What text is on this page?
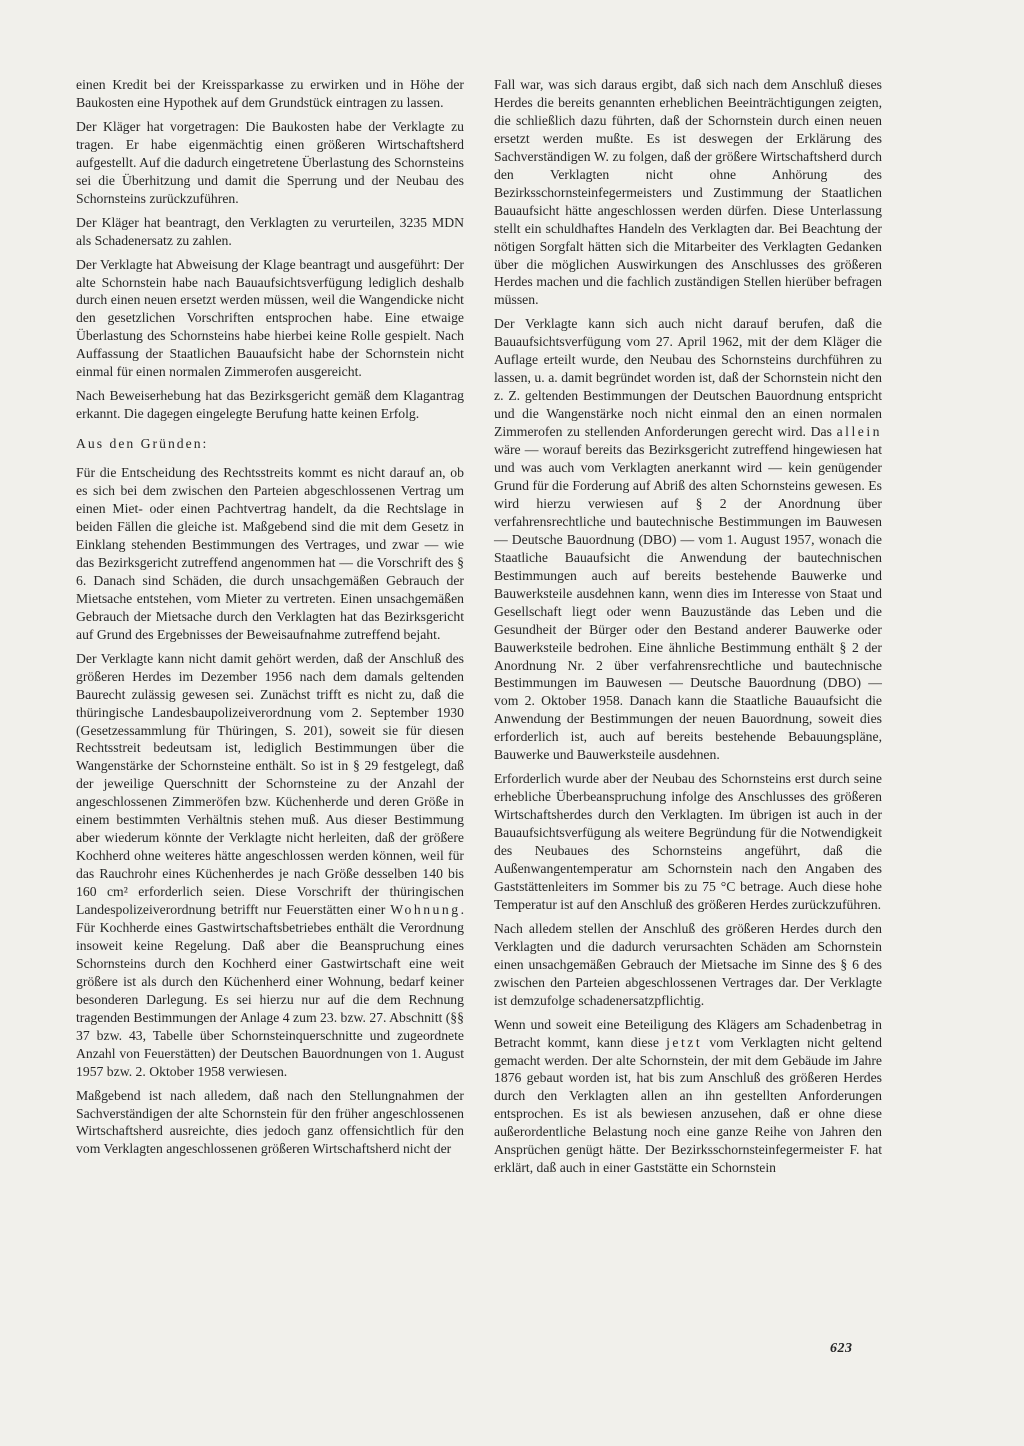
einen Kredit bei der Kreissparkasse zu erwirken und in Höhe der Baukosten eine Hypothek auf dem Grundstück eintragen zu lassen.

Der Kläger hat vorgetragen: Die Baukosten habe der Verklagte zu tragen. Er habe eigenmächtig einen größeren Wirtschaftsherd aufgestellt. Auf die dadurch eingetretene Überlastung des Schornsteins sei die Überhitzung und damit die Sperrung und der Neubau des Schornsteins zurückzuführen.

Der Kläger hat beantragt, den Verklagten zu verurteilen, 3235 MDN als Schadenersatz zu zahlen.

Der Verklagte hat Abweisung der Klage beantragt und ausgeführt: Der alte Schornstein habe nach Bauaufsichtsverfügung lediglich deshalb durch einen neuen ersetzt werden müssen, weil die Wangendicke nicht den gesetzlichen Vorschriften entsprochen habe. Eine etwaige Überlastung des Schornsteins habe hierbei keine Rolle gespielt. Nach Auffassung der Staatlichen Bauaufsicht habe der Schornstein nicht einmal für einen normalen Zimmerofen ausgereicht.

Nach Beweiserhebung hat das Bezirksgericht gemäß dem Klagantrag erkannt. Die dagegen eingelegte Berufung hatte keinen Erfolg.

Aus den Gründen:

Für die Entscheidung des Rechtsstreits kommt es nicht darauf an, ob es sich bei dem zwischen den Parteien abgeschlossenen Vertrag um einen Miet- oder einen Pachtvertrag handelt, da die Rechtslage in beiden Fällen die gleiche ist. Maßgebend sind die mit dem Gesetz in Einklang stehenden Bestimmungen des Vertrages, und zwar — wie das Bezirksgericht zutreffend angenommen hat — die Vorschrift des § 6. Danach sind Schäden, die durch unsachgemäßen Gebrauch der Mietsache entstehen, vom Mieter zu vertreten. Einen unsachgemäßen Gebrauch der Mietsache durch den Verklagten hat das Bezirksgericht auf Grund des Ergebnisses der Beweisaufnahme zutreffend bejaht.

Der Verklagte kann nicht damit gehört werden, daß der Anschluß des größeren Herdes im Dezember 1956 nach dem damals geltenden Baurecht zulässig gewesen sei. Zunächst trifft es nicht zu, daß die thüringische Landesbaupolizeiverordnung vom 2. September 1930 (Gesetzessammlung für Thüringen, S. 201), soweit sie für diesen Rechtsstreit bedeutsam ist, lediglich Bestimmungen über die Wangenstärke der Schornsteine enthält. So ist in § 29 festgelegt, daß der jeweilige Querschnitt der Schornsteine zu der Anzahl der angeschlossenen Zimmeröfen bzw. Küchenherde und deren Größe in einem bestimmten Verhältnis stehen muß. Aus dieser Bestimmung aber wiederum könnte der Verklagte nicht herleiten, daß der größere Kochherd ohne weiteres hätte angeschlossen werden können, weil für das Rauchrohr eines Küchenherdes je nach Größe desselben 140 bis 160 cm² erforderlich seien. Diese Vorschrift der thüringischen Landespolizeiverordnung betrifft nur Feuerstätten einer Wohnung. Für Kochherde eines Gastwirtschaftsbetriebes enthält die Verordnung insoweit keine Regelung. Daß aber die Beanspruchung eines Schornsteins durch den Kochherd einer Gastwirtschaft eine weit größere ist als durch den Küchenherd einer Wohnung, bedarf keiner besonderen Darlegung. Es sei hierzu nur auf die dem Rechnung tragenden Bestimmungen der Anlage 4 zum 23. bzw. 27. Abschnitt (§§ 37 bzw. 43, Tabelle über Schornsteinquerschnitte und zugeordnete Anzahl von Feuerstätten) der Deutschen Bauordnungen von 1. August 1957 bzw. 2. Oktober 1958 verwiesen.

Maßgebend ist nach alledem, daß nach den Stellungnahmen der Sachverständigen der alte Schornstein für den früher angeschlossenen Wirtschaftsherd ausreichte, dies jedoch ganz offensichtlich für den vom Verklagten angeschlossenen größeren Wirtschaftsherd nicht der

Fall war, was sich daraus ergibt, daß sich nach dem Anschluß dieses Herdes die bereits genannten erheblichen Beeinträchtigungen zeigten, die schließlich dazu führten, daß der Schornstein durch einen neuen ersetzt werden mußte. Es ist deswegen der Erklärung des Sachverständigen W. zu folgen, daß der größere Wirtschaftsherd durch den Verklagten nicht ohne Anhörung des Bezirksschornsteinfegermeisters und Zustimmung der Staatlichen Bauaufsicht hätte angeschlossen werden dürfen. Diese Unterlassung stellt ein schuldhaftes Handeln des Verklagten dar. Bei Beachtung der nötigen Sorgfalt hätten sich die Mitarbeiter des Verklagten Gedanken über die möglichen Auswirkungen des Anschlusses des größeren Herdes machen und die fachlich zuständigen Stellen hierüber befragen müssen.

Der Verklagte kann sich auch nicht darauf berufen, daß die Bauaufsichtsverfügung vom 27. April 1962, mit der dem Kläger die Auflage erteilt wurde, den Neubau des Schornsteins durchführen zu lassen, u. a. damit begründet worden ist, daß der Schornstein nicht den z. Z. geltenden Bestimmungen der Deutschen Bauordnung entspricht und die Wangenstärke noch nicht einmal den an einen normalen Zimmerofen zu stellenden Anforderungen gerecht wird. Das allein wäre — worauf bereits das Bezirksgericht zutreffend hingewiesen hat und was auch vom Verklagten anerkannt wird — kein genügender Grund für die Forderung auf Abriß des alten Schornsteins gewesen. Es wird hierzu verwiesen auf § 2 der Anordnung über verfahrensrechtliche und bautechnische Bestimmungen im Bauwesen — Deutsche Bauordnung (DBO) — vom 1. August 1957, wonach die Staatliche Bauaufsicht die Anwendung der bautechnischen Bestimmungen auch auf bereits bestehende Bauwerke und Bauwerksteile ausdehnen kann, wenn dies im Interesse von Staat und Gesellschaft liegt oder wenn Bauzustände das Leben und die Gesundheit der Bürger oder den Bestand anderer Bauwerke oder Bauwerksteile bedrohen. Eine ähnliche Bestimmung enthält § 2 der Anordnung Nr. 2 über verfahrensrechtliche und bautechnische Bestimmungen im Bauwesen — Deutsche Bauordnung (DBO) — vom 2. Oktober 1958. Danach kann die Staatliche Bauaufsicht die Anwendung der Bestimmungen der neuen Bauordnung, soweit dies erforderlich ist, auch auf bereits bestehende Bebauungspläne, Bauwerke und Bauwerksteile ausdehnen.

Erforderlich wurde aber der Neubau des Schornsteins erst durch seine erhebliche Überbeanspruchung infolge des Anschlusses des größeren Wirtschaftsherdes durch den Verklagten. Im übrigen ist auch in der Bauaufsichtsverfügung als weitere Begründung für die Notwendigkeit des Neubaues des Schornsteins angeführt, daß die Außenwangentemperatur am Schornstein nach den Angaben des Gaststättenleiters im Sommer bis zu 75 °C betrage. Auch diese hohe Temperatur ist auf den Anschluß des größeren Herdes zurückzuführen.

Nach alledem stellen der Anschluß des größeren Herdes durch den Verklagten und die dadurch verursachten Schäden am Schornstein einen unsachgemäßen Gebrauch der Mietsache im Sinne des § 6 des zwischen den Parteien abgeschlossenen Vertrages dar. Der Verklagte ist demzufolge schadenersatzpflichtig.

Wenn und soweit eine Beteiligung des Klägers am Schadenbetrag in Betracht kommt, kann diese jetzt vom Verklagten nicht geltend gemacht werden. Der alte Schornstein, der mit dem Gebäude im Jahre 1876 gebaut worden ist, hat bis zum Anschluß des größeren Herdes durch den Verklagten allen an ihn gestellten Anforderungen entsprochen. Es ist als bewiesen anzusehen, daß er ohne diese außerordentliche Belastung noch eine ganze Reihe von Jahren den Ansprüchen genügt hätte. Der Bezirksschornsteinfegermeister F. hat erklärt, daß auch in einer Gaststätte ein Schornstein

623
